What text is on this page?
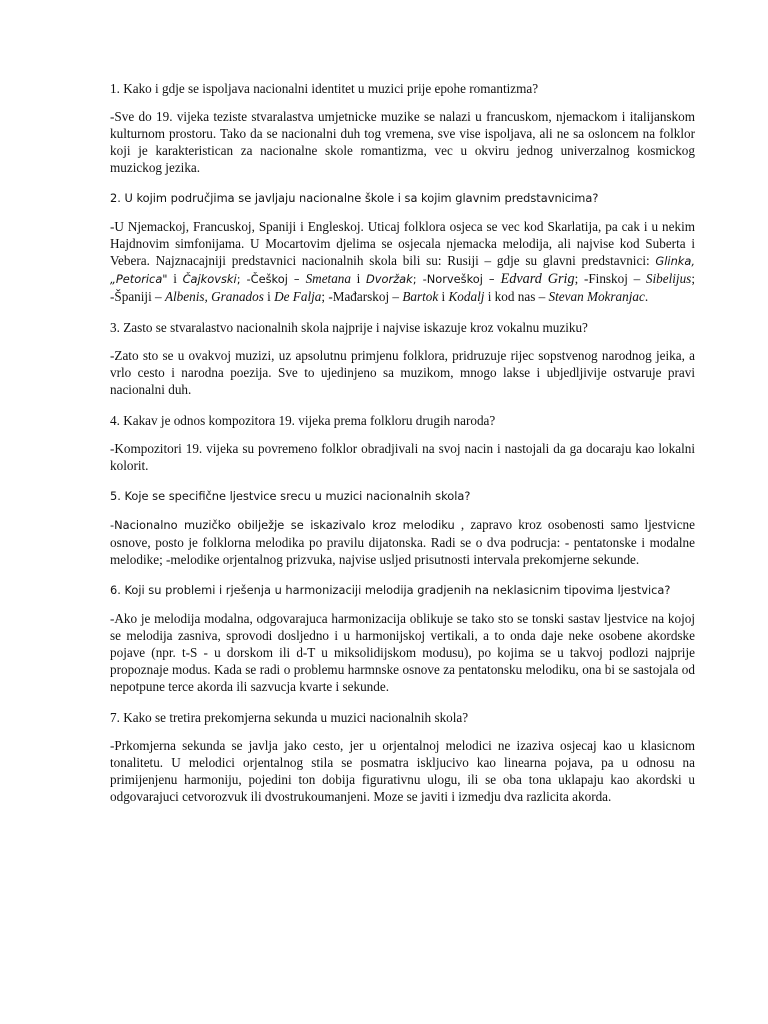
1. Kako i gdje se ispoljava nacionalni identitet u muzici prije epohe romantizma?

-Sve do 19. vijeka teziste stvaralastva umjetnicke muzike se nalazi u francuskom, njemackom i italijanskom kulturnom prostoru. Tako da se nacionalni duh tog vremena, sve vise ispoljava, ali ne sa osloncem na folklor koji je karakteristican za nacionalne skole romantizma, vec u okviru jednog univerzalnog kosmickog muzickog jezika.

2. U kojim područjima se javljaju nacionalne škole i sa kojim glavnim predstavnicima?

-U Njemackoj, Francuskoj, Spaniji i Engleskoj. Uticaj folklora osjeca se vec kod Skarlatija, pa cak i u nekim Hajdnovim simfonijama. U Mocartovim djelima se osjecala njemacka melodija, ali najvise kod Suberta i Vebera. Najznacajniji predstavnici nacionalnih skola bili su: Rusiji – gdje su glavni predstavnici: Glinka, „Petorica" i Čajkovski; -Češkoj – Smetana i Dvoržak; -Norveškoj – Edvard Grig; -Finskoj – Sibelijus; -Španiji – Albenis, Granados i De Falja; -Mađarskoj – Bartok i Kodalj i kod nas – Stevan Mokranjac.

3. Zasto se stvaralastvo nacionalnih skola najprije i najvise iskazuje kroz vokalnu muziku?

-Zato sto se u ovakvoj muzizi, uz apsolutnu primjenu folklora, pridruzuje rijec sopstvenog narodnog jeika, a vrlo cesto i narodna poezija. Sve to ujedinjeno sa muzikom, mnogo lakse i ubjedljivije ostvaruje pravi nacionalni duh.

4. Kakav je odnos kompozitora 19. vijeka prema folkloru drugih naroda?

-Kompozitori 19. vijeka su povremeno folklor obradjivali na svoj nacin i nastojali da ga docaraju kao lokalni kolorit.

5. Koje se specifične ljestvice srecu u muzici nacionalnih skola?

-Nacionalno muzičko obilježje se iskazivalo kroz melodiku , zapravo kroz osobenosti samo ljestvicne osnove, posto je folklorna melodika po pravilu dijatonska. Radi se o dva podrucja: - pentatonske i modalne melodike; -melodike orjentalnog prizvuka, najvise usljed prisutnosti intervala prekomjerne sekunde.

6. Koji su problemi i rješenja u harmonizaciji melodija gradjenih na neklasicnim tipovima ljestvica?

-Ako je melodija modalna, odgovarajuca harmonizacija oblikuje se tako sto se tonski sastav ljestvice na kojoj se melodija zasniva, sprovodi dosljedno i u harmonijskoj vertikali, a to onda daje neke osobene akordske pojave (npr. t-S - u dorskom ili d-T u miksolidijskom modusu), po kojima se u takvoj podlozi najprije propoznaje modus. Kada se radi o problemu harmnske osnove za pentatonsku melodiku, ona bi se sastojala od nepotpune terce akorda ili sazvucja kvarte i sekunde.

7. Kako se tretira prekomjerna sekunda u muzici nacionalnih skola?

-Prkomjerna sekunda se javlja jako cesto, jer u orjentalnoj melodici ne izaziva osjecaj kao u klasicnom tonalitetu. U melodici orjentalnog stila se posmatra iskljucivo kao linearna pojava, pa u odnosu na primijenjenu harmoniju, pojedini ton dobija figurativnu ulogu, ili se oba tona uklapaju kao akordski u odgovarajuci cetvorozvuk ili dvostrukoumanjeni. Moze se javiti i izmedju dva razlicita akorda.
